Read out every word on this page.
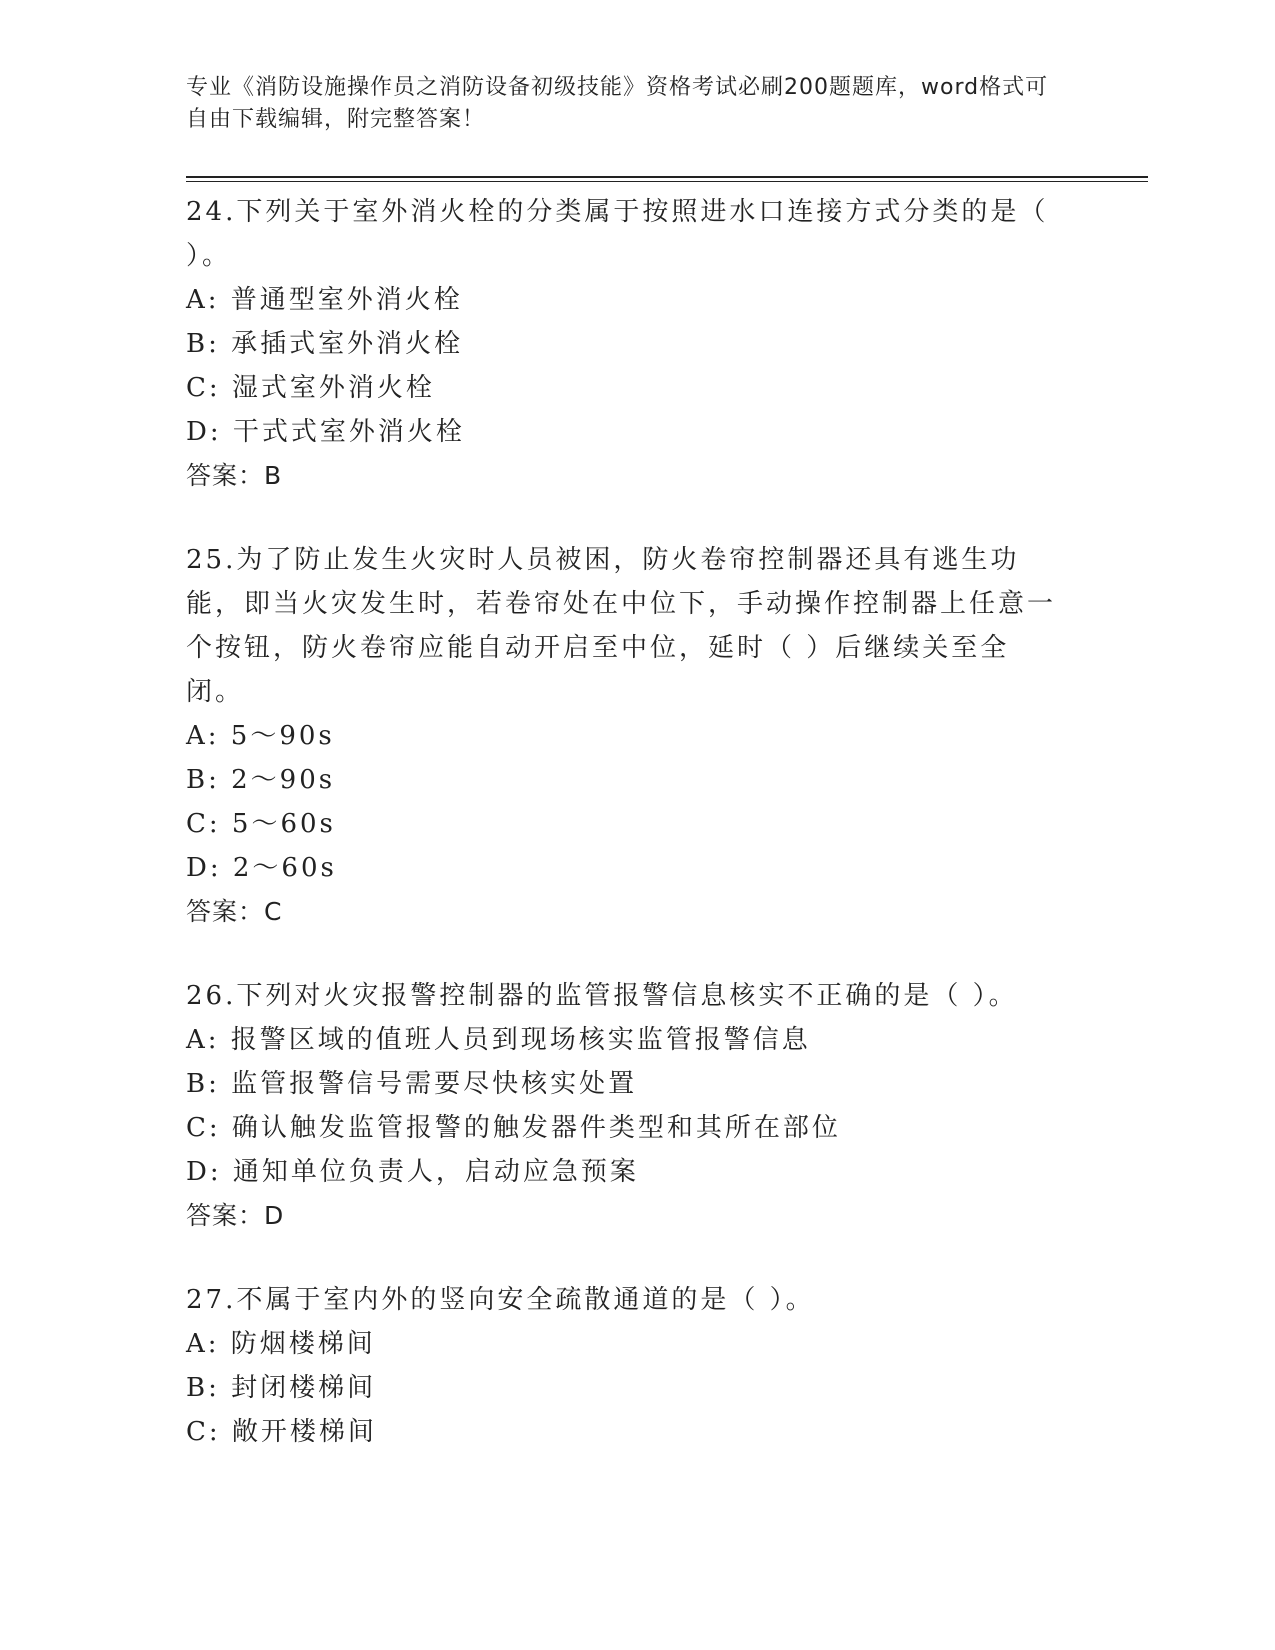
专业《消防设施操作员之消防设备初级技能》资格考试必刷200题题库，word格式可自由下载编辑，附完整答案！

24.下列关于室外消火栓的分类属于按照进水口连接方式分类的是（ ）。

A: 普通型室外消火栓

B: 承插式室外消火栓

C: 湿式室外消火栓

D: 干式式室外消火栓

答案：B

25.为了防止发生火灾时人员被困，防火卷帘控制器还具有逃生功能，即当火灾发生时，若卷帘处在中位下，手动操作控制器上任意一个按钮，防火卷帘应能自动开启至中位，延时（ ）后继续关至全闭。

A: 5～90s

B: 2～90s

C: 5～60s

D: 2～60s

答案：C

26.下列对火灾报警控制器的监管报警信息核实不正确的是（ ）。

A: 报警区域的值班人员到现场核实监管报警信息

B: 监管报警信号需要尽快核实处置

C: 确认触发监管报警的触发器件类型和其所在部位

D: 通知单位负责人，启动应急预案

答案：D

27.不属于室内外的竖向安全疏散通道的是（ ）。

A: 防烟楼梯间

B: 封闭楼梯间

C: 敞开楼梯间
